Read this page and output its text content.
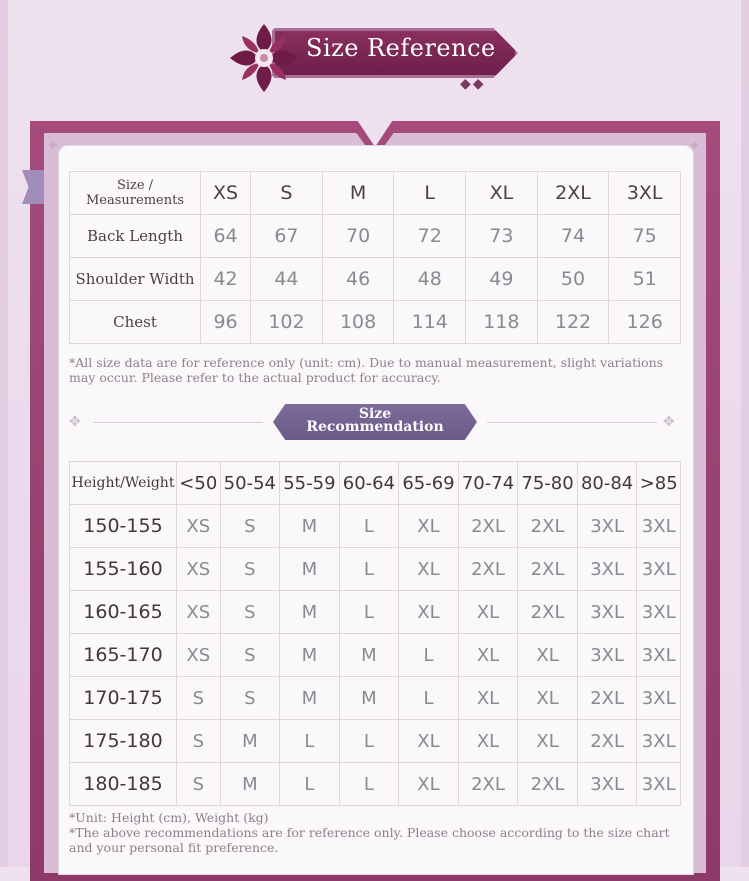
Size Reference
◆◆
✦	✦
Size / Measurements	XS	S	M	L	XL	2XL	3XL
Back Length	64	67	70	72	73	74	75
Shoulder Width	42	44	46	48	49	50	51
Chest	96	102	108	114	118	122	126
*All size data are for reference only (unit: cm). Due to manual measurement, slight variations may occur. Please refer to the actual product for accuracy.
✥	✥
Size
Recommendation
Height/Weight	<50	50-54	55-59	60-64	65-69	70-74	75-80	80-84	>85
150-155	XS	S	M	L	XL	2XL	2XL	3XL	3XL
155-160	XS	S	M	L	XL	2XL	2XL	3XL	3XL
160-165	XS	S	M	L	XL	XL	2XL	3XL	3XL
165-170	XS	S	M	M	L	XL	XL	3XL	3XL
170-175	S	S	M	M	L	XL	XL	2XL	3XL
175-180	S	M	L	L	XL	XL	XL	2XL	3XL
180-185	S	M	L	L	XL	2XL	2XL	3XL	3XL
*Unit: Height (cm), Weight (kg)
*The above recommendations are for reference only. Please choose according to the size chart and your personal fit preference.
